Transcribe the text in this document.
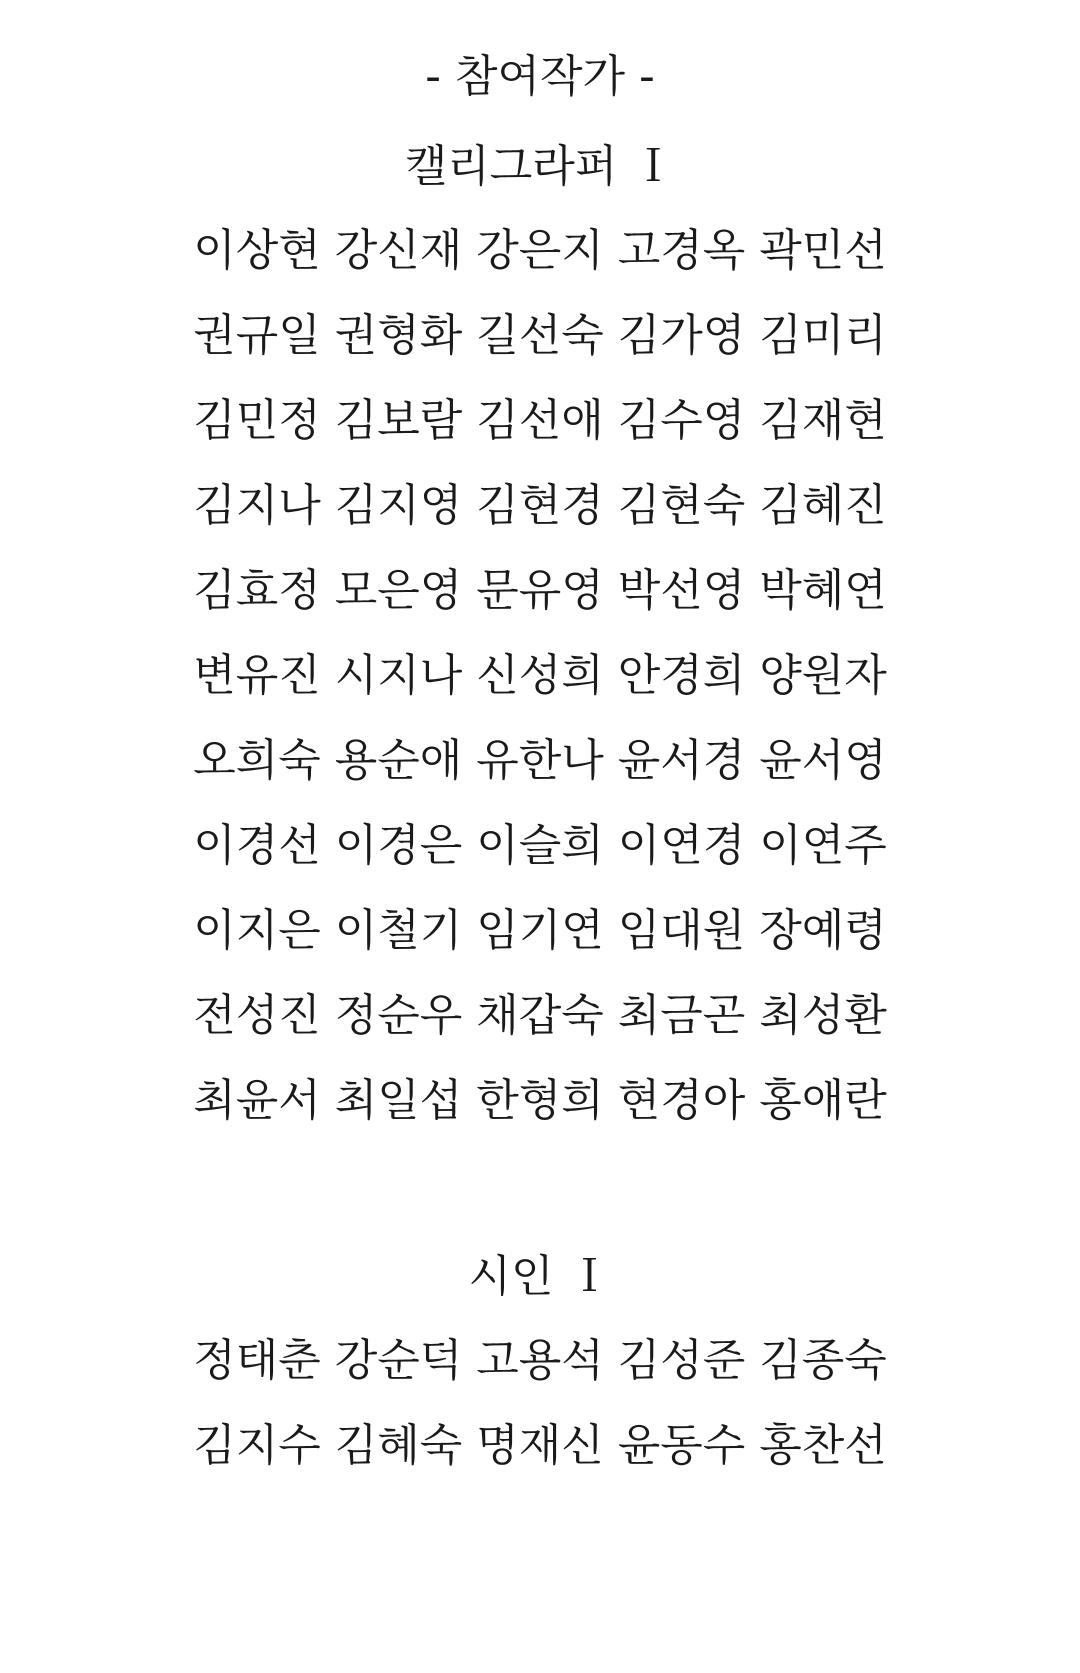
- 참여작가 -
캘리그라퍼 Ｉ
이상현 강신재 강은지 고경옥 곽민선
권규일 권형화 길선숙 김가영 김미리
김민정 김보람 김선애 김수영 김재현
김지나 김지영 김현경 김현숙 김혜진
김효정 모은영 문유영 박선영 박혜연
변유진 시지나 신성희 안경희 양원자
오희숙 용순애 유한나 윤서경 윤서영
이경선 이경은 이슬희 이연경 이연주
이지은 이철기 임기연 임대원 장예령
전성진 정순우 채갑숙 최금곤 최성환
최윤서 최일섭 한형희 현경아 홍애란
시인 Ｉ
정태춘 강순덕 고용석 김성준 김종숙
김지수 김혜숙 명재신 윤동수 홍찬선
